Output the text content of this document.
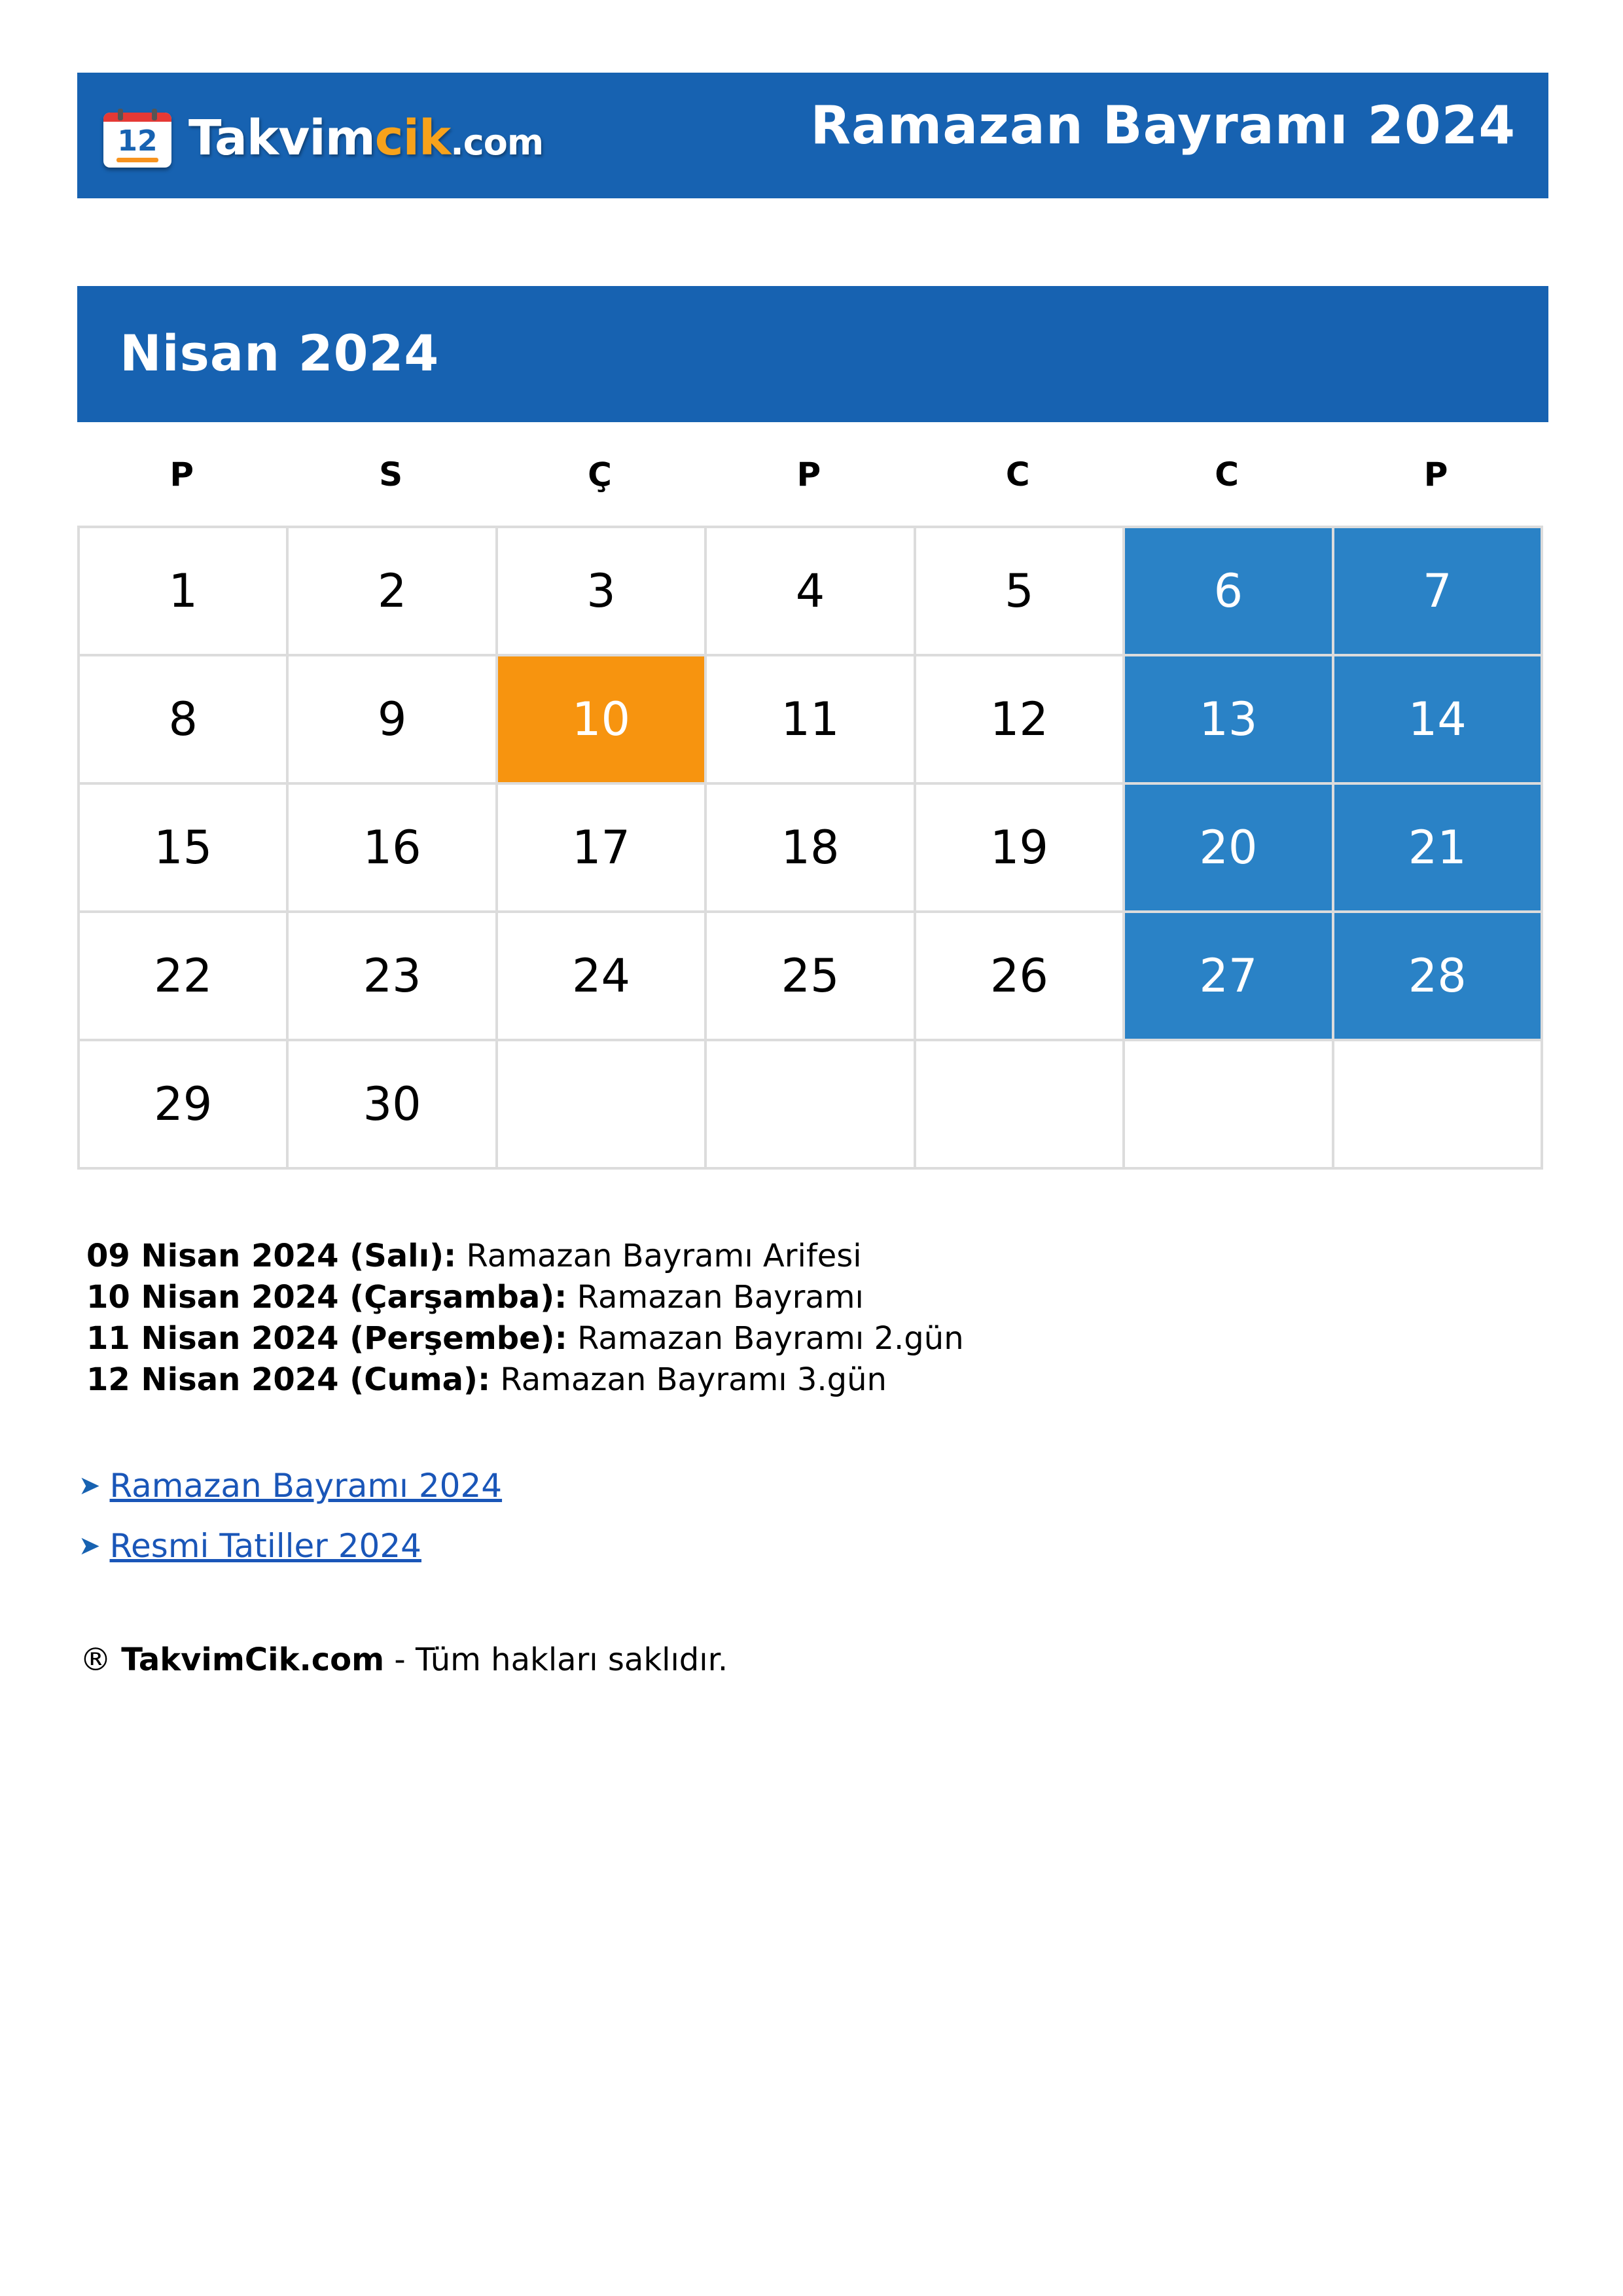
12 Takvimcik.com	Ramazan Bayramı 2024
Nisan 2024
P	S	Ç	P	C	C	P
1	2	3	4	5	6	7
8	9	10	11	12	13	14
15	16	17	18	19	20	21
22	23	24	25	26	27	28
29	30
09 Nisan 2024 (Salı): Ramazan Bayramı Arifesi
10 Nisan 2024 (Çarşamba): Ramazan Bayramı
11 Nisan 2024 (Perşembe): Ramazan Bayramı 2.gün
12 Nisan 2024 (Cuma): Ramazan Bayramı 3.gün
➤ Ramazan Bayramı 2024
➤ Resmi Tatiller 2024
® TakvimCik.com - Tüm hakları saklıdır.
